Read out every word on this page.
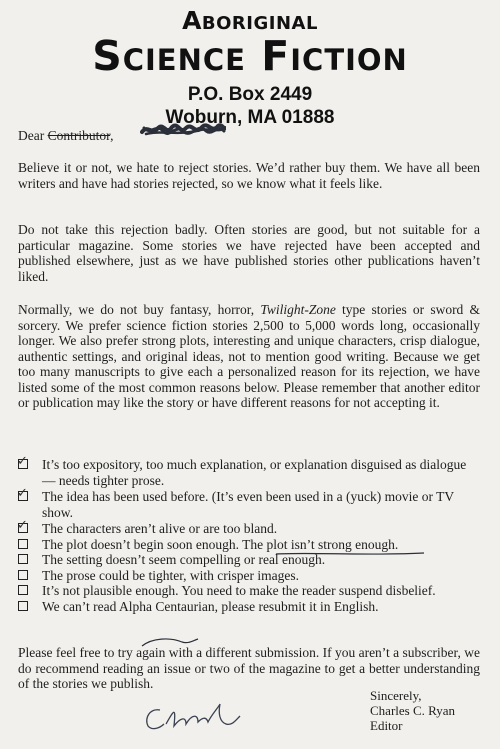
Aboriginal
Science Fiction
P.O. Box 2449
Woburn, MA 01888
Dear Contributor,

Believe it or not, we hate to reject stories. We’d rather buy them. We have all been writers and have had stories rejected, so we know what it feels like.

Do not take this rejection badly. Often stories are good, but not suitable for a particular magazine. Some stories we have rejected have been accepted and published elsewhere, just as we have published stories other publications haven’t liked.

Normally, we do not buy fantasy, horror, Twilight-Zone type stories or sword & sorcery. We prefer science fiction stories 2,500 to 5,000 words long, occasionally longer. We also prefer strong plots, interesting and unique characters, crisp dialogue, authentic settings, and original ideas, not to mention good writing. Because we get too many manuscripts to give each a personalized reason for its rejection, we have listed some of the most common reasons below. Please remember that another editor or publication may like the story or have different reasons for not accepting it.

✓ It’s too expository, too much explanation, or explanation disguised as dialogue — needs tighter prose.
✓ The idea has been used before. (It’s even been used in a (yuck) movie or TV show.
✓ The characters aren’t alive or are too bland.
The plot doesn’t begin soon enough. The plot isn’t strong enough.
The setting doesn’t seem compelling or real enough.
The prose could be tighter, with crisper images.
It’s not plausible enough. You need to make the reader suspend disbelief.
We can’t read Alpha Centaurian, please resubmit it in English.

Please feel free to try again with a different submission. If you aren’t a subscriber, we do recommend reading an issue or two of the magazine to get a better understanding of the stories we publish.

Sincerely,
Charles C. Ryan
Editor
